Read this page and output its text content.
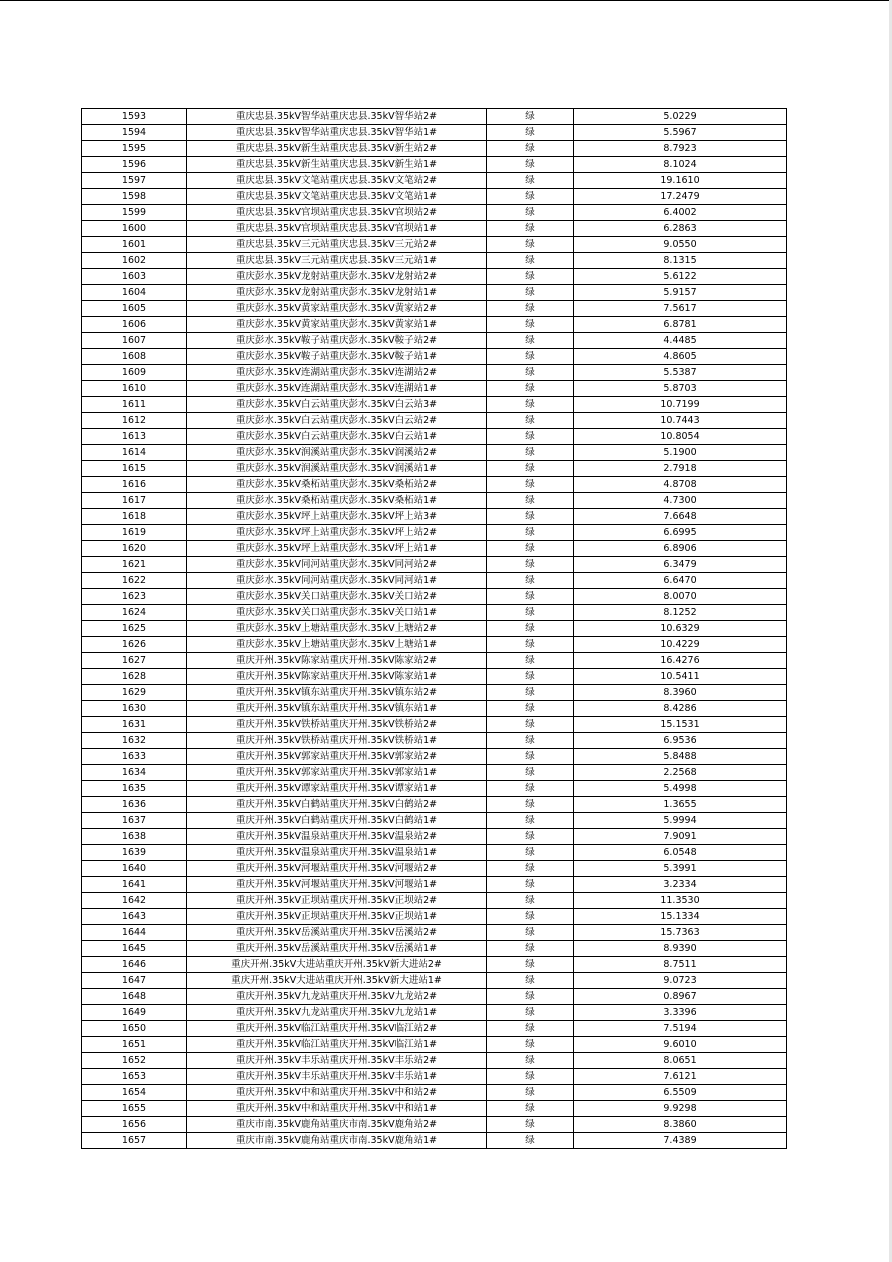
1593	重庆忠县.35kV智华站重庆忠县.35kV智华站2#	绿	5.0229
1594	重庆忠县.35kV智华站重庆忠县.35kV智华站1#	绿	5.5967
1595	重庆忠县.35kV新生站重庆忠县.35kV新生站2#	绿	8.7923
1596	重庆忠县.35kV新生站重庆忠县.35kV新生站1#	绿	8.1024
1597	重庆忠县.35kV文笔站重庆忠县.35kV文笔站2#	绿	19.1610
1598	重庆忠县.35kV文笔站重庆忠县.35kV文笔站1#	绿	17.2479
1599	重庆忠县.35kV官坝站重庆忠县.35kV官坝站2#	绿	6.4002
1600	重庆忠县.35kV官坝站重庆忠县.35kV官坝站1#	绿	6.2863
1601	重庆忠县.35kV三元站重庆忠县.35kV三元站2#	绿	9.0550
1602	重庆忠县.35kV三元站重庆忠县.35kV三元站1#	绿	8.1315
1603	重庆彭水.35kV龙射站重庆彭水.35kV龙射站2#	绿	5.6122
1604	重庆彭水.35kV龙射站重庆彭水.35kV龙射站1#	绿	5.9157
1605	重庆彭水.35kV黄家站重庆彭水.35kV黄家站2#	绿	7.5617
1606	重庆彭水.35kV黄家站重庆彭水.35kV黄家站1#	绿	6.8781
1607	重庆彭水.35kV鞍子站重庆彭水.35kV鞍子站2#	绿	4.4485
1608	重庆彭水.35kV鞍子站重庆彭水.35kV鞍子站1#	绿	4.8605
1609	重庆彭水.35kV连湖站重庆彭水.35kV连湖站2#	绿	5.5387
1610	重庆彭水.35kV连湖站重庆彭水.35kV连湖站1#	绿	5.8703
1611	重庆彭水.35kV白云站重庆彭水.35kV白云站3#	绿	10.7199
1612	重庆彭水.35kV白云站重庆彭水.35kV白云站2#	绿	10.7443
1613	重庆彭水.35kV白云站重庆彭水.35kV白云站1#	绿	10.8054
1614	重庆彭水.35kV润溪站重庆彭水.35kV润溪站2#	绿	5.1900
1615	重庆彭水.35kV润溪站重庆彭水.35kV润溪站1#	绿	2.7918
1616	重庆彭水.35kV桑柘站重庆彭水.35kV桑柘站2#	绿	4.8708
1617	重庆彭水.35kV桑柘站重庆彭水.35kV桑柘站1#	绿	4.7300
1618	重庆彭水.35kV坪上站重庆彭水.35kV坪上站3#	绿	7.6648
1619	重庆彭水.35kV坪上站重庆彭水.35kV坪上站2#	绿	6.6995
1620	重庆彭水.35kV坪上站重庆彭水.35kV坪上站1#	绿	6.8906
1621	重庆彭水.35kV同河站重庆彭水.35kV同河站2#	绿	6.3479
1622	重庆彭水.35kV同河站重庆彭水.35kV同河站1#	绿	6.6470
1623	重庆彭水.35kV关口站重庆彭水.35kV关口站2#	绿	8.0070
1624	重庆彭水.35kV关口站重庆彭水.35kV关口站1#	绿	8.1252
1625	重庆彭水.35kV上塘站重庆彭水.35kV上塘站2#	绿	10.6329
1626	重庆彭水.35kV上塘站重庆彭水.35kV上塘站1#	绿	10.4229
1627	重庆开州.35kV陈家站重庆开州.35kV陈家站2#	绿	16.4276
1628	重庆开州.35kV陈家站重庆开州.35kV陈家站1#	绿	10.5411
1629	重庆开州.35kV镇东站重庆开州.35kV镇东站2#	绿	8.3960
1630	重庆开州.35kV镇东站重庆开州.35kV镇东站1#	绿	8.4286
1631	重庆开州.35kV铁桥站重庆开州.35kV铁桥站2#	绿	15.1531
1632	重庆开州.35kV铁桥站重庆开州.35kV铁桥站1#	绿	6.9536
1633	重庆开州.35kV郭家站重庆开州.35kV郭家站2#	绿	5.8488
1634	重庆开州.35kV郭家站重庆开州.35kV郭家站1#	绿	2.2568
1635	重庆开州.35kV谭家站重庆开州.35kV谭家站1#	绿	5.4998
1636	重庆开州.35kV白鹤站重庆开州.35kV白鹤站2#	绿	1.3655
1637	重庆开州.35kV白鹤站重庆开州.35kV白鹤站1#	绿	5.9994
1638	重庆开州.35kV温泉站重庆开州.35kV温泉站2#	绿	7.9091
1639	重庆开州.35kV温泉站重庆开州.35kV温泉站1#	绿	6.0548
1640	重庆开州.35kV河堰站重庆开州.35kV河堰站2#	绿	5.3991
1641	重庆开州.35kV河堰站重庆开州.35kV河堰站1#	绿	3.2334
1642	重庆开州.35kV正坝站重庆开州.35kV正坝站2#	绿	11.3530
1643	重庆开州.35kV正坝站重庆开州.35kV正坝站1#	绿	15.1334
1644	重庆开州.35kV岳溪站重庆开州.35kV岳溪站2#	绿	15.7363
1645	重庆开州.35kV岳溪站重庆开州.35kV岳溪站1#	绿	8.9390
1646	重庆开州.35kV大进站重庆开州.35kV新大进站2#	绿	8.7511
1647	重庆开州.35kV大进站重庆开州.35kV新大进站1#	绿	9.0723
1648	重庆开州.35kV九龙站重庆开州.35kV九龙站2#	绿	0.8967
1649	重庆开州.35kV九龙站重庆开州.35kV九龙站1#	绿	3.3396
1650	重庆开州.35kV临江站重庆开州.35kV临江站2#	绿	7.5194
1651	重庆开州.35kV临江站重庆开州.35kV临江站1#	绿	9.6010
1652	重庆开州.35kV丰乐站重庆开州.35kV丰乐站2#	绿	8.0651
1653	重庆开州.35kV丰乐站重庆开州.35kV丰乐站1#	绿	7.6121
1654	重庆开州.35kV中和站重庆开州.35kV中和站2#	绿	6.5509
1655	重庆开州.35kV中和站重庆开州.35kV中和站1#	绿	9.9298
1656	重庆市南.35kV鹿角站重庆市南.35kV鹿角站2#	绿	8.3860
1657	重庆市南.35kV鹿角站重庆市南.35kV鹿角站1#	绿	7.4389
